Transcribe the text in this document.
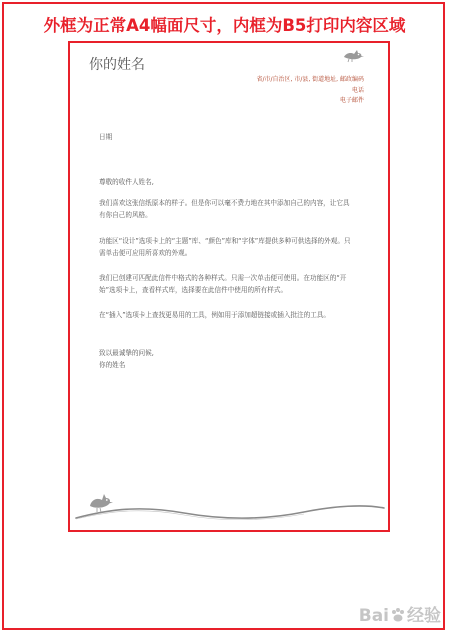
外框为正常A4幅面尺寸，内框为B5打印内容区域
你的姓名
省/市/自治区, 市/县, 街道地址, 邮政编码
电话
电子邮件
日期
尊敬的收件人姓名,
我们喜欢这张信纸原本的样子。但是你可以毫不费力地在其中添加自己的内容，让它具有你自己的风格。
功能区“设计”选项卡上的“主题”库、“颜色”库和“字体”库提供多种可供选择的外观。只需单击便可应用所喜欢的外观。
我们已创建可匹配此信件中格式的各种样式。只需一次单击便可使用。在功能区的“开始”选项卡上，查看样式库，选择要在此信件中使用的所有样式。
在“插入”选项卡上查找更易用的工具，例如用于添加超链接或插入批注的工具。
致以最诚挚的问候,
你的姓名
Bai 经验
